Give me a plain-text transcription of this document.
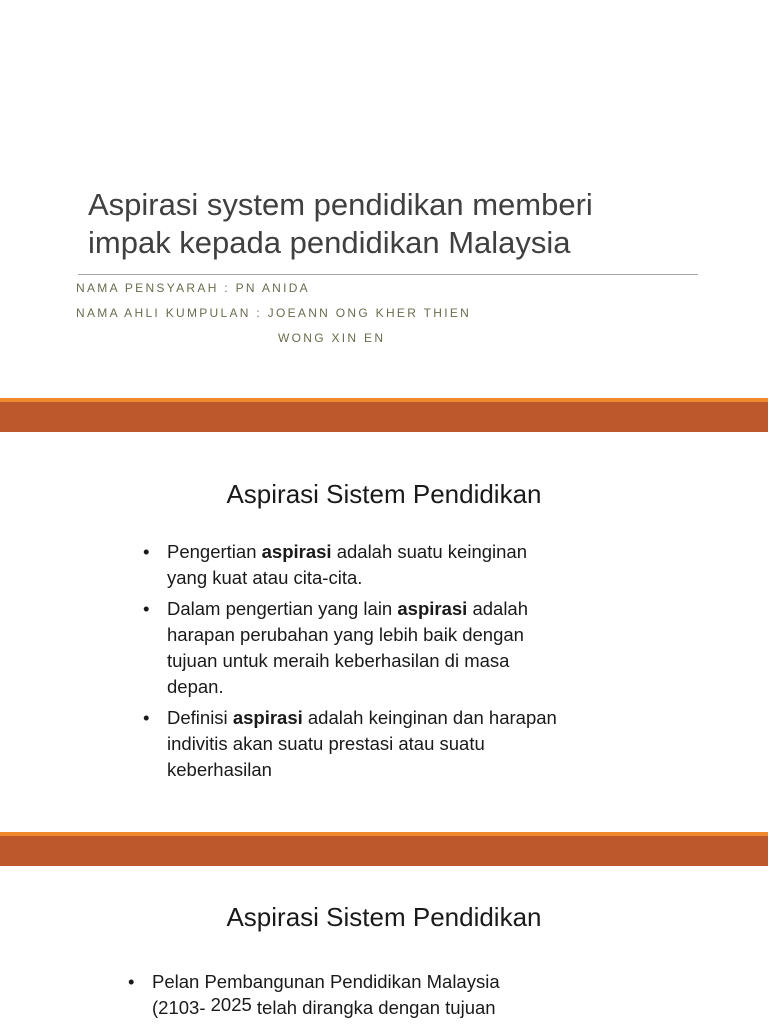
Aspirasi system pendidikan memberi
impak kepada pendidikan Malaysia
NAMA PENSYARAH : PN ANIDA
NAMA AHLI KUMPULAN : JOEANN ONG KHER THIEN
WONG XIN EN
Aspirasi Sistem Pendidikan
• Pengertian aspirasi adalah suatu keinginan
yang kuat atau cita-cita.
• Dalam pengertian yang lain aspirasi adalah
harapan perubahan yang lebih baik dengan
tujuan untuk meraih keberhasilan di masa
depan.
• Definisi aspirasi adalah keinginan dan harapan
indivitis akan suatu prestasi atau suatu
keberhasilan
Aspirasi Sistem Pendidikan
• Pelan Pembangunan Pendidikan Malaysia
(2103- 2025 telah dirangka dengan tujuan
